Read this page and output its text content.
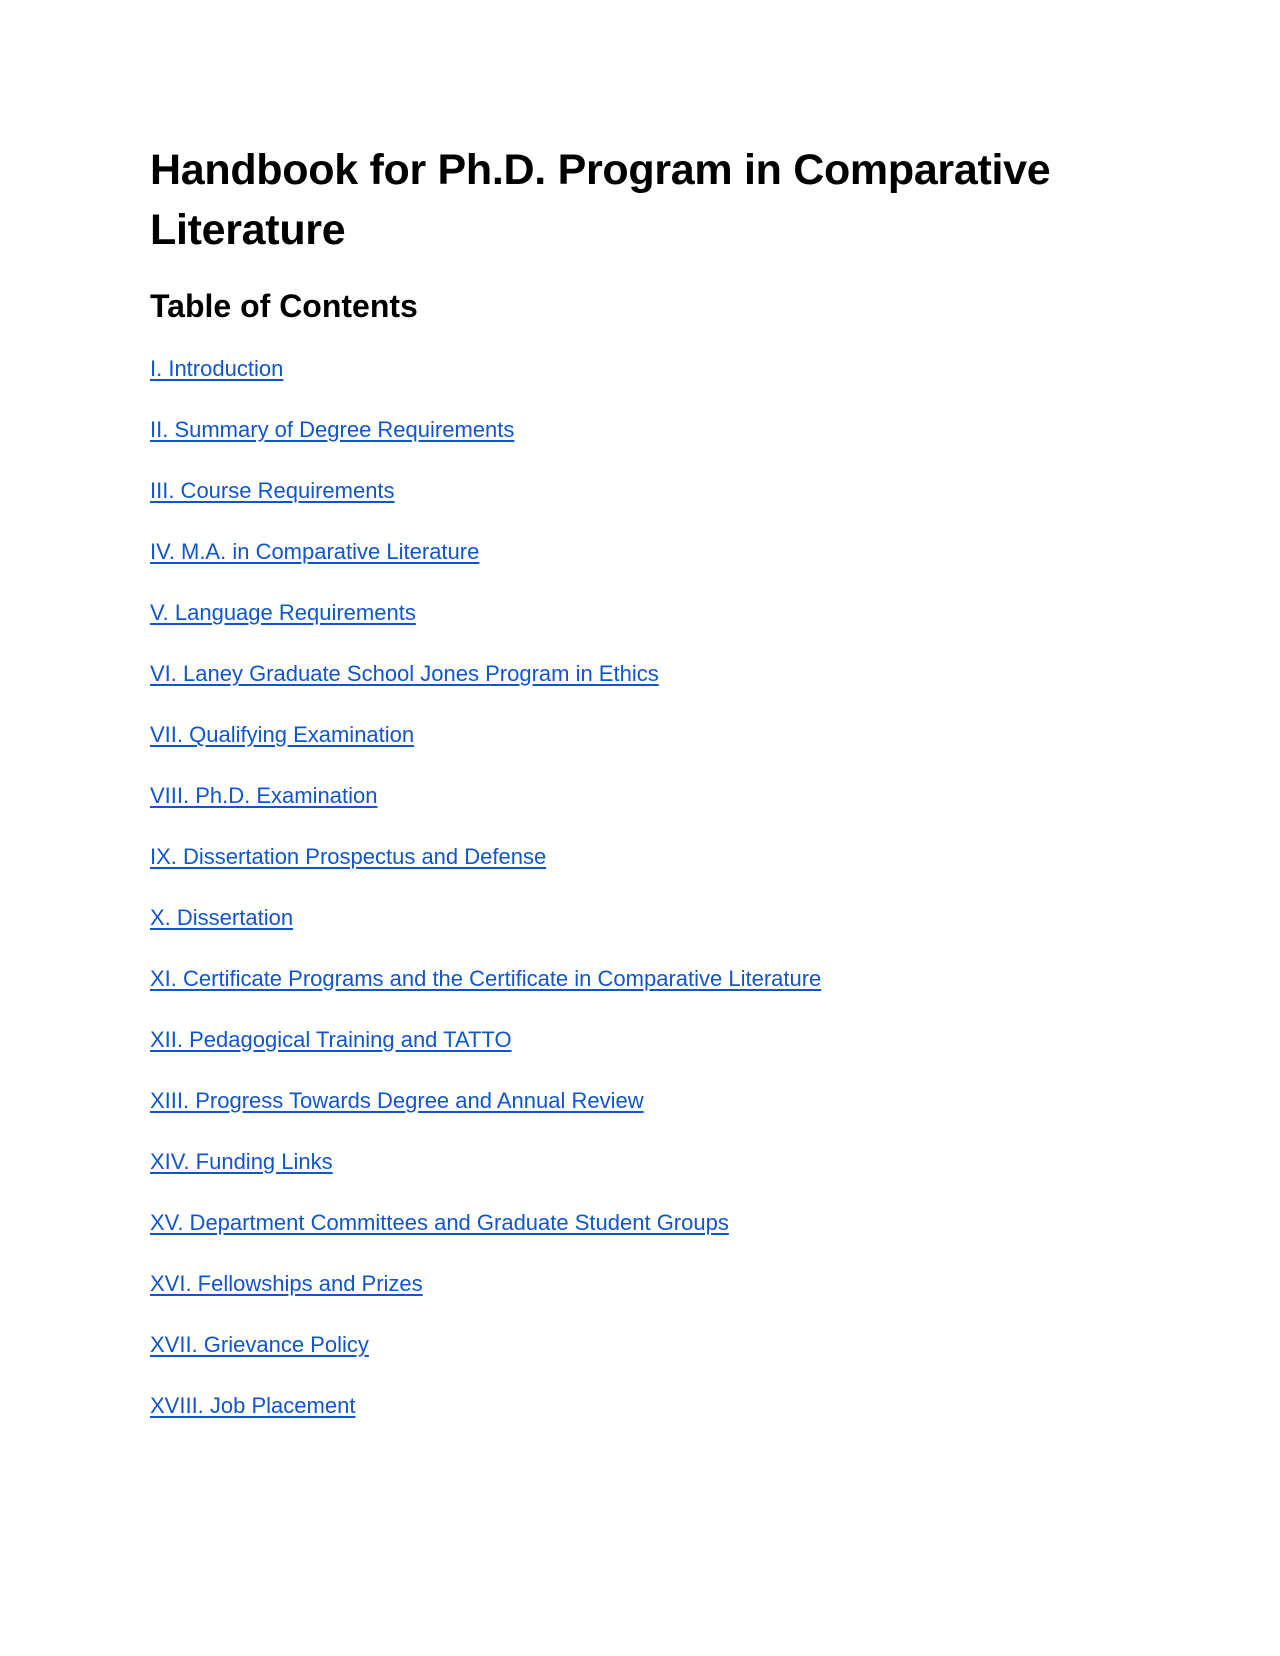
Handbook for Ph.D. Program in Comparative Literature
Table of Contents
I. Introduction
II. Summary of Degree Requirements
III. Course Requirements
IV. M.A. in Comparative Literature
V. Language Requirements
VI. Laney Graduate School Jones Program in Ethics
VII. Qualifying Examination
VIII. Ph.D. Examination
IX. Dissertation Prospectus and Defense
X. Dissertation
XI. Certificate Programs and the Certificate in Comparative Literature
XII. Pedagogical Training and TATTO
XIII. Progress Towards Degree and Annual Review
XIV. Funding Links
XV. Department Committees and Graduate Student Groups
XVI. Fellowships and Prizes
XVII. Grievance Policy
XVIII. Job Placement
